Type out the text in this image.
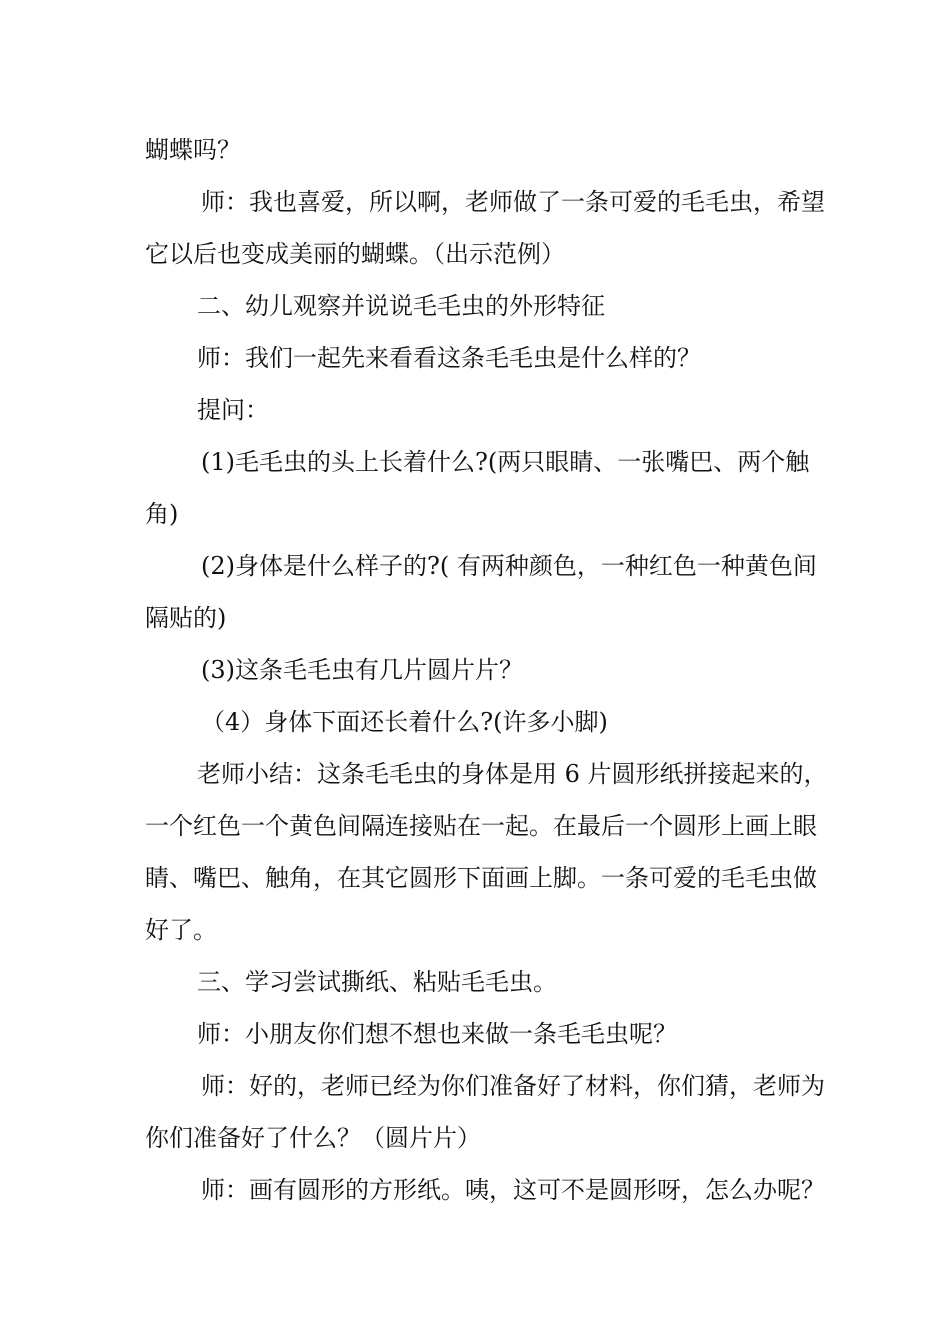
蝴蝶吗？

师：我也喜爱，所以啊，老师做了一条可爱的毛毛虫，希望它以后也变成美丽的蝴蝶。（出示范例）

二、幼儿观察并说说毛毛虫的外形特征

师：我们一起先来看看这条毛毛虫是什么样的？

提问：

(1)毛毛虫的头上长着什么?(两只眼睛、一张嘴巴、两个触角)

(2)身体是什么样子的?( 有两种颜色，一种红色一种黄色间隔贴的)

(3)这条毛毛虫有几片圆片片？

（4）身体下面还长着什么?(许多小脚)

老师小结：这条毛毛虫的身体是用 6 片圆形纸拼接起来的，一个红色一个黄色间隔连接贴在一起。在最后一个圆形上画上眼睛、嘴巴、触角，在其它圆形下面画上脚。一条可爱的毛毛虫做好了。

三、学习尝试撕纸、粘贴毛毛虫。

师：小朋友你们想不想也来做一条毛毛虫呢？

师：好的，老师已经为你们准备好了材料，你们猜，老师为你们准备好了什么？（圆片片）

师：画有圆形的方形纸。咦，这可不是圆形呀，怎么办呢？
